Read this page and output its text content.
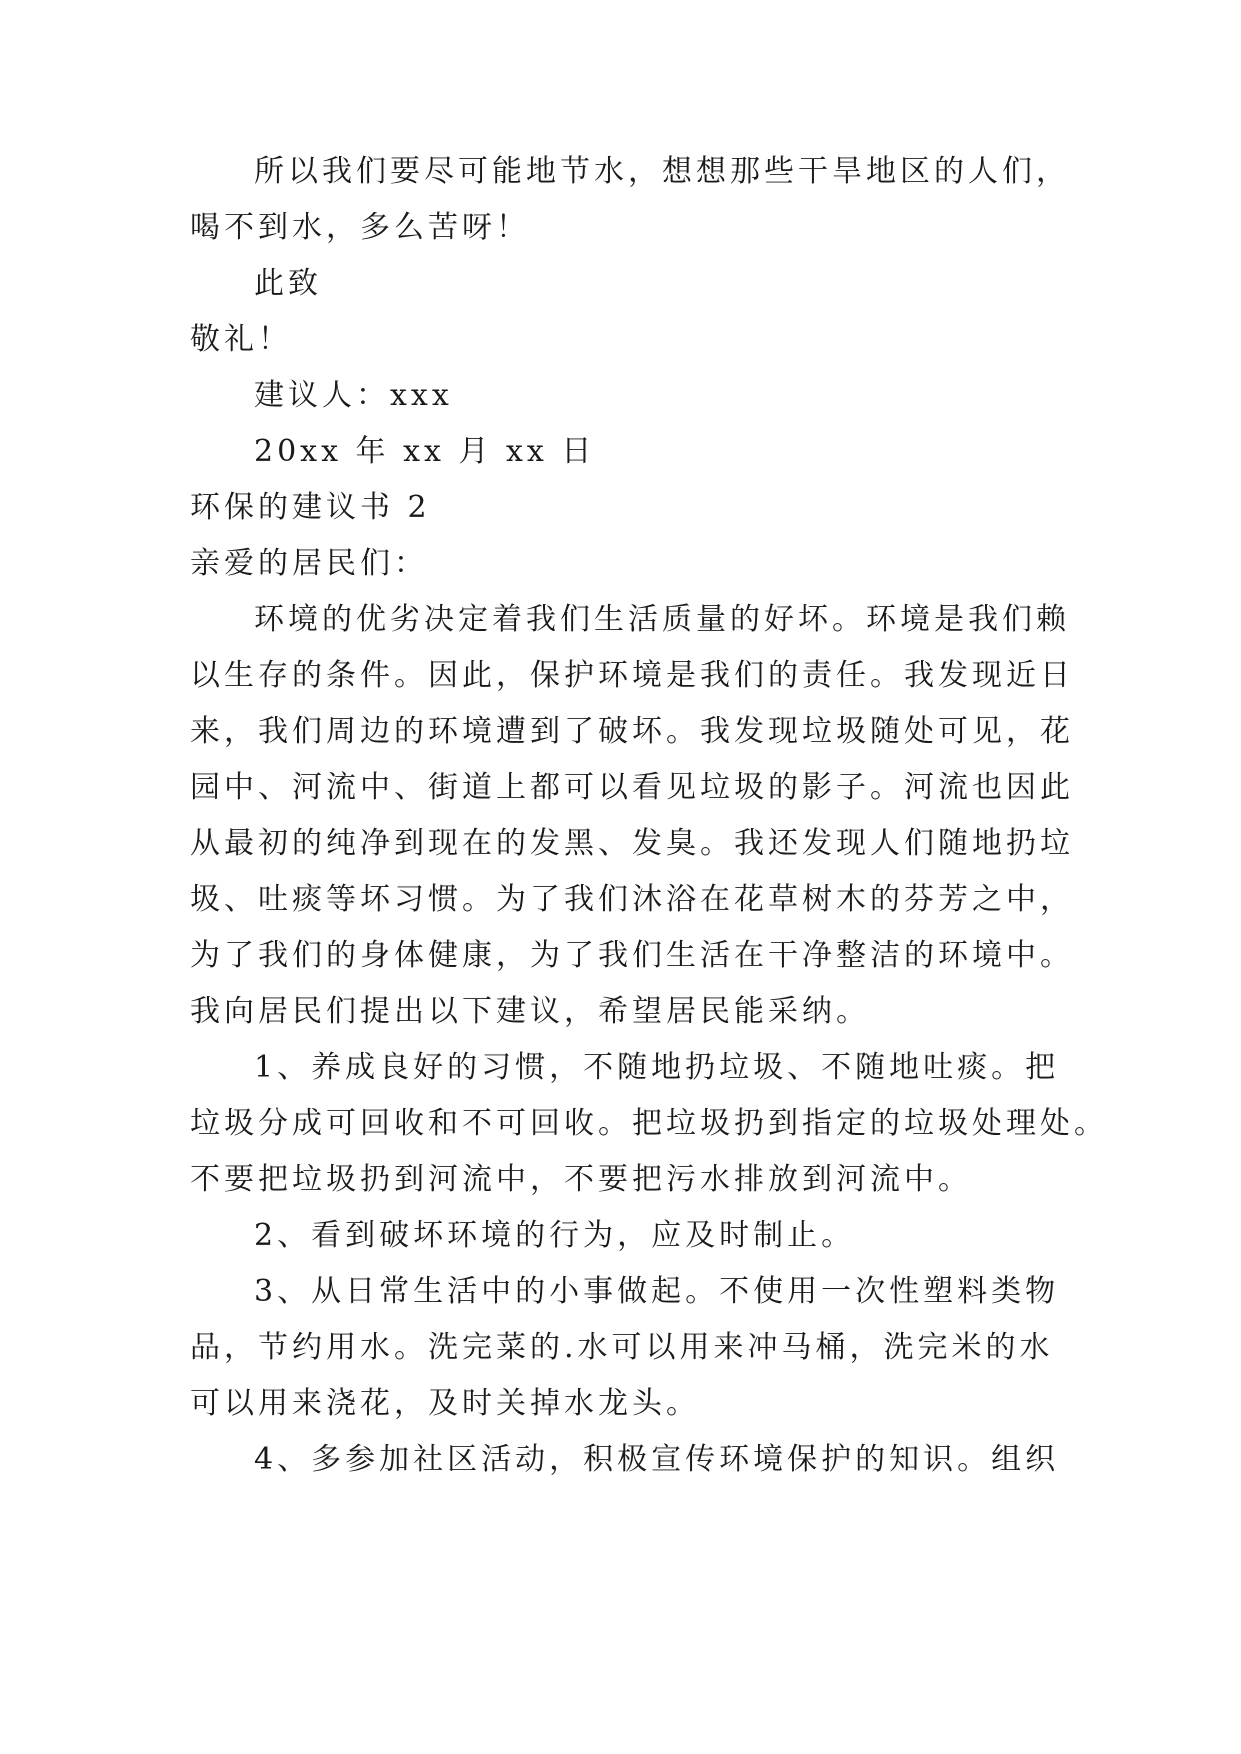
所以我们要尽可能地节水，想想那些干旱地区的人们，
喝不到水，多么苦呀！
此致
敬礼！
建议人：xxx
20xx 年 xx 月 xx 日
环保的建议书 2
亲爱的居民们：
环境的优劣决定着我们生活质量的好坏。环境是我们赖
以生存的条件。因此，保护环境是我们的责任。我发现近日
来，我们周边的环境遭到了破坏。我发现垃圾随处可见，花
园中、河流中、街道上都可以看见垃圾的影子。河流也因此
从最初的纯净到现在的发黑、发臭。我还发现人们随地扔垃
圾、吐痰等坏习惯。为了我们沐浴在花草树木的芬芳之中，
为了我们的身体健康，为了我们生活在干净整洁的环境中。
我向居民们提出以下建议，希望居民能采纳。
1、养成良好的习惯，不随地扔垃圾、不随地吐痰。把
垃圾分成可回收和不可回收。把垃圾扔到指定的垃圾处理处。
不要把垃圾扔到河流中，不要把污水排放到河流中。
2、看到破坏环境的行为，应及时制止。
3、从日常生活中的小事做起。不使用一次性塑料类物
品，节约用水。洗完菜的.水可以用来冲马桶，洗完米的水
可以用来浇花，及时关掉水龙头。
4、多参加社区活动，积极宣传环境保护的知识。组织
